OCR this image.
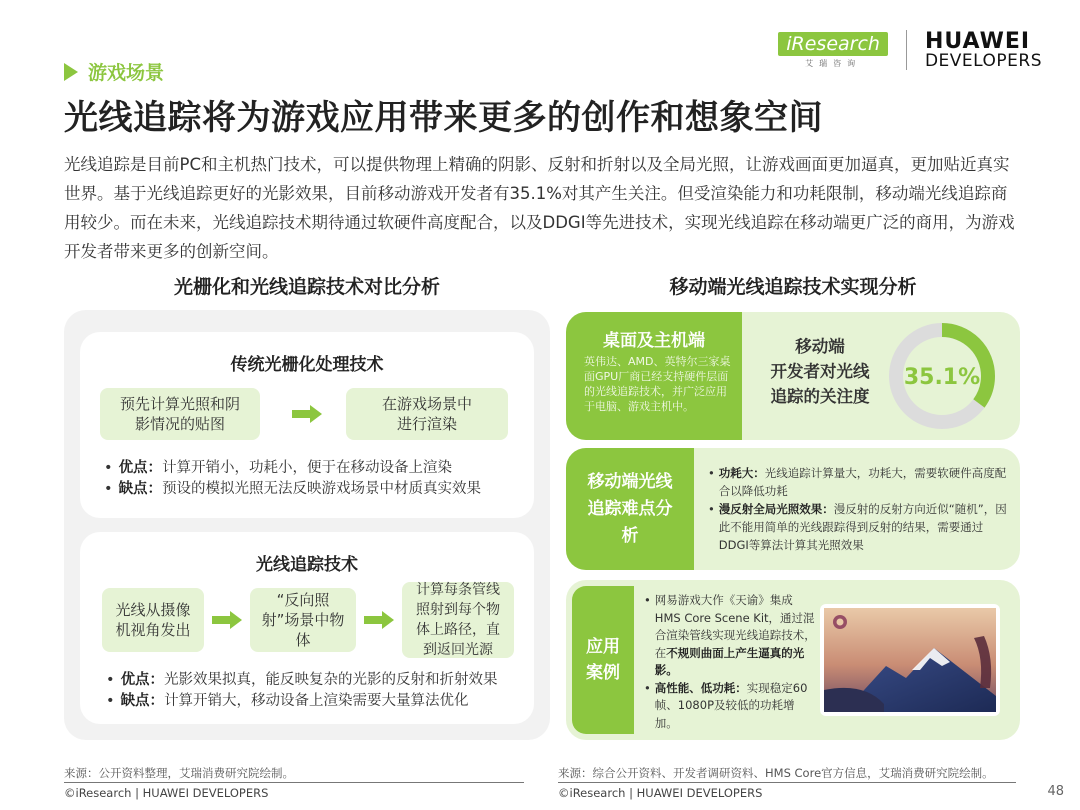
游戏场景
iResearch
艾瑞咨询
HUAWEI
DEVELOPERS
光线追踪将为游戏应用带来更多的创作和想象空间
光线追踪是目前PC和主机热门技术，可以提供物理上精确的阴影、反射和折射以及全局光照，让游戏画面更加逼真，更加贴近真实世界。基于光线追踪更好的光影效果，目前移动游戏开发者有35.1%对其产生关注。但受渲染能力和功耗限制，移动端光线追踪商用较少。而在未来，光线追踪技术期待通过软硬件高度配合，以及DDGI等先进技术，实现光线追踪在移动端更广泛的商用，为游戏开发者带来更多的创新空间。
光栅化和光线追踪技术对比分析	移动端光线追踪技术实现分析
传统光栅化处理技术
预先计算光照和阴影情况的贴图
在游戏场景中进行渲染
• 优点：计算开销小，功耗小，便于在移动设备上渲染
• 缺点：预设的模拟光照无法反映游戏场景中材质真实效果
光线追踪技术
光线从摄像机视角发出
“反向照射”场景中物体
计算每条管线照射到每个物体上路径，直到返回光源
• 优点：光影效果拟真，能反映复杂的光影的反射和折射效果
• 缺点：计算开销大，移动设备上渲染需要大量算法优化
桌面及主机端
英伟达、AMD、英特尔三家桌面GPU厂商已经支持硬件层面的光线追踪技术，并广泛应用于电脑、游戏主机中。
移动端
开发者对光线
追踪的关注度
35.1%
移动端光线追踪难点分析
• 功耗大：光线追踪计算量大，功耗大，需要软硬件高度配合以降低功耗
• 漫反射全局光照效果：漫反射的反射方向近似“随机”，因此不能用简单的光线跟踪得到反射的结果，需要通过DDGI等算法计算其光照效果
应用案例
• 网易游戏大作《天谕》集成HMS Core Scene Kit，通过混合渲染管线实现光线追踪技术，在不规则曲面上产生逼真的光影。
• 高性能、低功耗：实现稳定60帧、1080P及较低的功耗增加。
来源：公开资料整理，艾瑞消费研究院绘制。	来源：综合公开资料、开发者调研资料、HMS Core官方信息，艾瑞消费研究院绘制。
©iResearch | HUAWEI DEVELOPERS	©iResearch | HUAWEI DEVELOPERS	48
